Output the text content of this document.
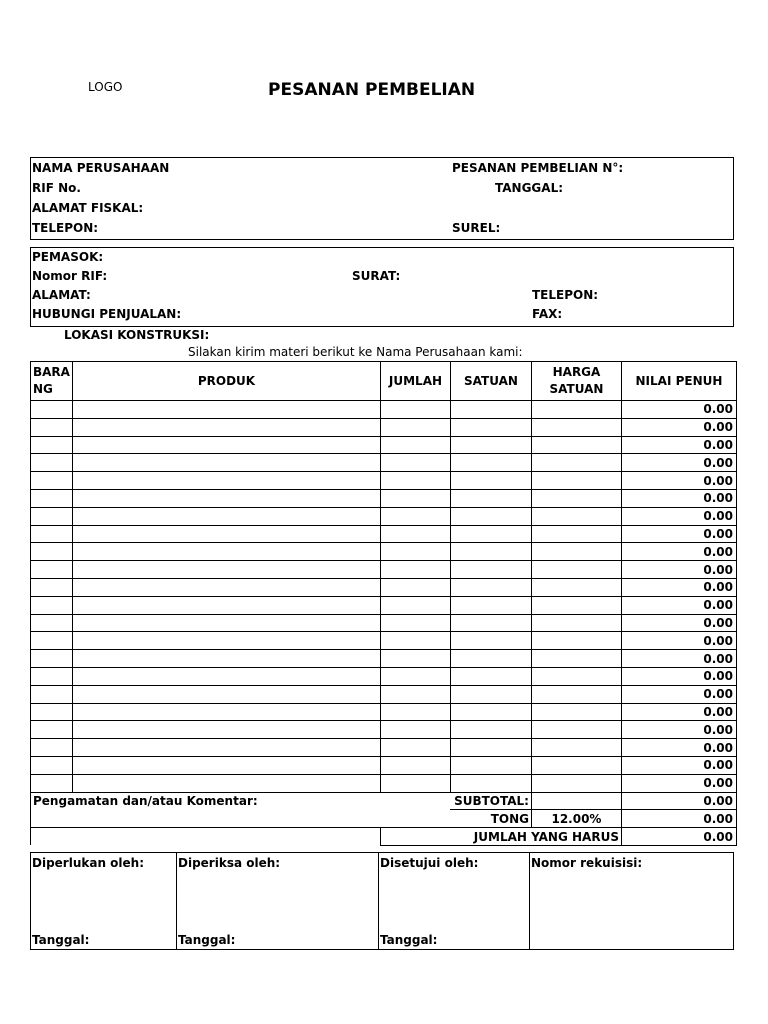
LOGO	PESANAN PEMBELIAN
NAMA PERUSAHAAN
RIF No.
ALAMAT FISKAL:
TELEPON:
PESANAN PEMBELIAN N°:
TANGGAL:
SUREL:
PEMASOK:
Nomor RIF:	SURAT:
ALAMAT:	TELEPON:
HUBUNGI PENJUALAN:	FAX:
LOKASI KONSTRUKSI:
Silakan kirim materi berikut ke Nama Perusahaan kami:
BARA NG	PRODUK	JUMLAH	SATUAN	HARGA SATUAN	NILAI PENUH
					0.00
					0.00
					0.00
					0.00
					0.00
					0.00
					0.00
					0.00
					0.00
					0.00
					0.00
					0.00
					0.00
					0.00
					0.00
					0.00
					0.00
					0.00
					0.00
					0.00
					0.00
					0.00
Pengamatan dan/atau Komentar:			SUBTOTAL:		0.00
			TONG	12.00%	0.00
		JUMLAH YANG HARUS			0.00
Diperlukan oleh:
Tanggal:
Diperiksa oleh:
Tanggal:
Disetujui oleh:
Tanggal:
Nomor rekuisisi:
